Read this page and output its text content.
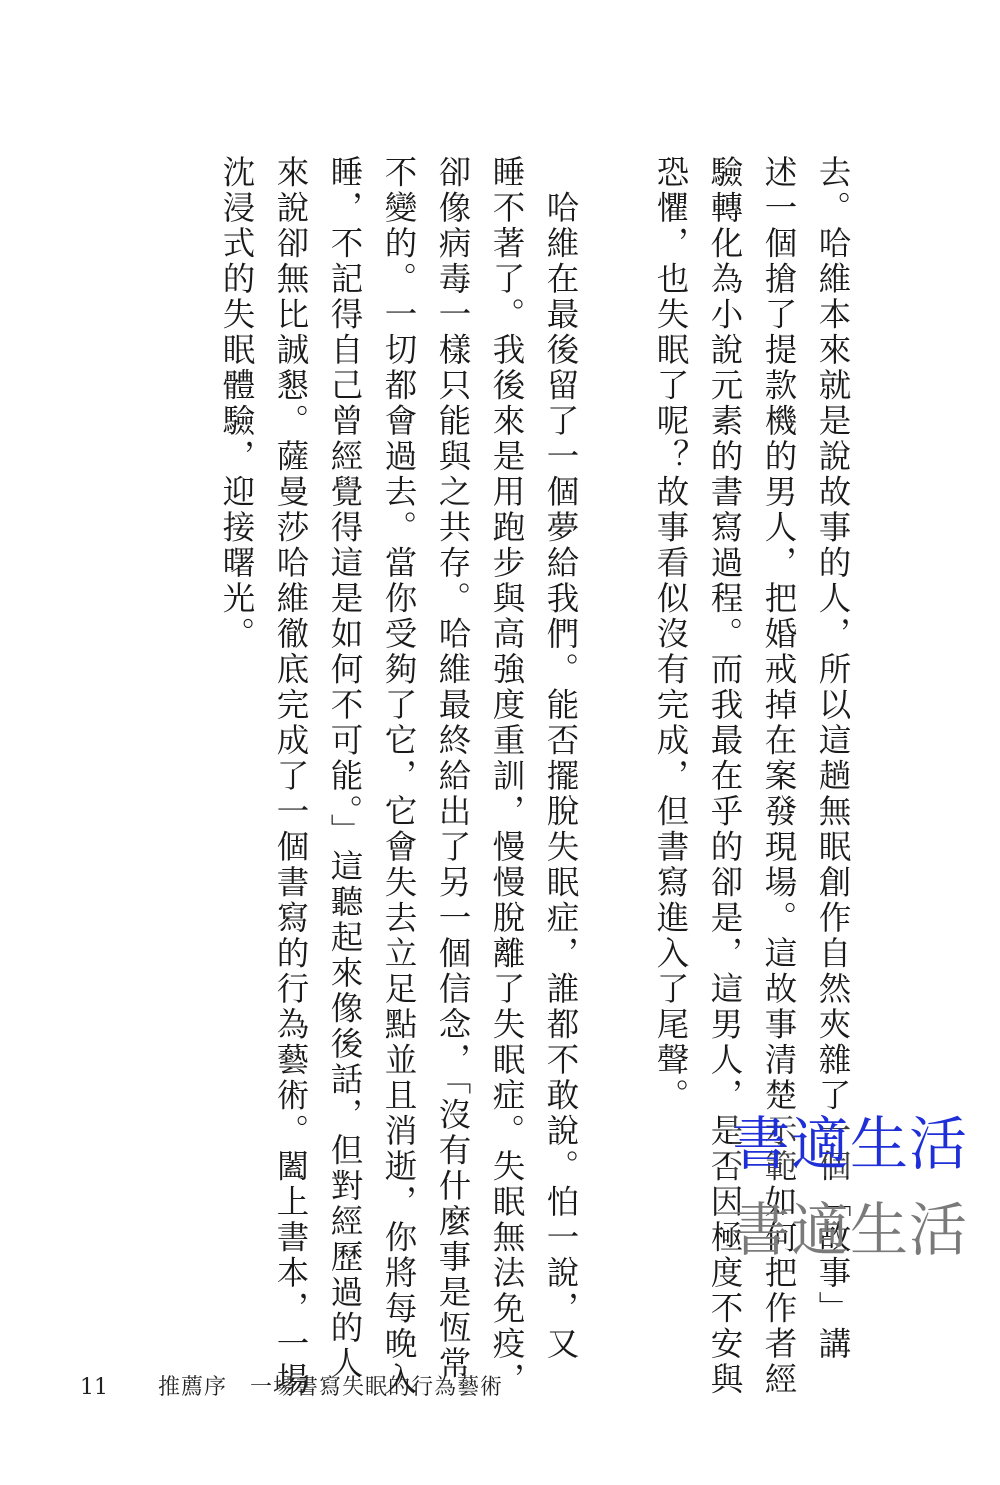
去。哈維本來就是說故事的人，所以這趟無眠創作自然夾雜了一個「故事」講

述一個搶了提款機的男人，把婚戒掉在案發現場。這故事清楚示範如何把作者經

驗轉化為小說元素的書寫過程。而我最在乎的卻是，這男人，是否因極度不安與

恐懼，也失眠了呢？故事看似沒有完成，但書寫進入了尾聲。

　哈維在最後留了一個夢給我們。能否擺脫失眠症，誰都不敢說。怕一說，又

睡不著了。我後來是用跑步與高強度重訓，慢慢脫離了失眠症。失眠無法免疫，

卻像病毒一樣只能與之共存。哈維最終給出了另一個信念，「沒有什麼事是恆常

不變的。一切都會過去。當你受夠了它，它會失去立足點並且消逝，你將每晚入

睡，不記得自己曾經覺得這是如何不可能。」這聽起來像後話，但對經歷過的人

來說卻無比誠懇。薩曼莎哈維徹底完成了一個書寫的行為藝術。闔上書本，一場

沈浸式的失眠體驗，迎接曙光。

書適生活
書適生活
11 推薦序　一場書寫失眠的行為藝術
